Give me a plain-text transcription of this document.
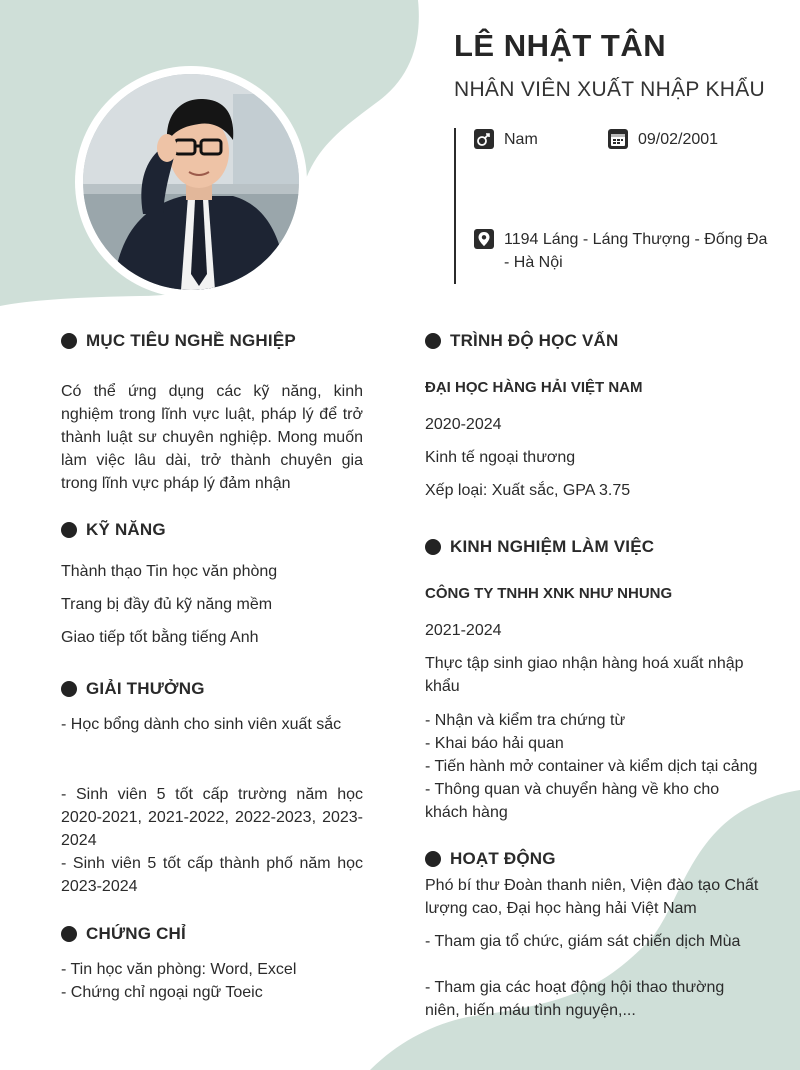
LÊ NHẬT TÂN
NHÂN VIÊN XUẤT NHẬP KHẨU
Nam	09/02/2001
1194 Láng - Láng Thượng - Đống Đa - Hà Nội
MỤC TIÊU NGHỀ NGHIỆP
Có thể ứng dụng các kỹ năng, kinh nghiệm trong lĩnh vực luật, pháp lý để trở thành luật sư chuyên nghiệp. Mong muốn làm việc lâu dài, trở thành chuyên gia trong lĩnh vực pháp lý đảm nhận
KỸ NĂNG
Thành thạo Tin học văn phòng
Trang bị đầy đủ kỹ năng mềm
Giao tiếp tốt bằng tiếng Anh
GIẢI THƯỞNG
- Học bổng dành cho sinh viên xuất sắc
- Sinh viên 5 tốt cấp trường năm học 2020-2021, 2021-2022, 2022-2023, 2023-2024
- Sinh viên 5 tốt cấp thành phố năm học 2023-2024
CHỨNG CHỈ
- Tin học văn phòng: Word, Excel
- Chứng chỉ ngoại ngữ Toeic
TRÌNH ĐỘ HỌC VẤN
ĐẠI HỌC HÀNG HẢI VIỆT NAM
2020-2024
Kinh tế ngoại thương
Xếp loại: Xuất sắc, GPA 3.75
KINH NGHIỆM LÀM VIỆC
CÔNG TY TNHH XNK NHƯ NHUNG
2021-2024
Thực tập sinh giao nhận hàng hoá xuất nhập khẩu
- Nhận và kiểm tra chứng từ
- Khai báo hải quan
- Tiến hành mở container và kiểm dịch tại cảng
- Thông quan và chuyển hàng về kho cho khách hàng
HOẠT ĐỘNG
Phó bí thư Đoàn thanh niên, Viện đào tạo Chất lượng cao, Đại học hàng hải Việt Nam
- Tham gia tổ chức, giám sát chiến dịch Mùa
- Tham gia các hoạt động hội thao thường niên, hiến máu tình nguyện,...
